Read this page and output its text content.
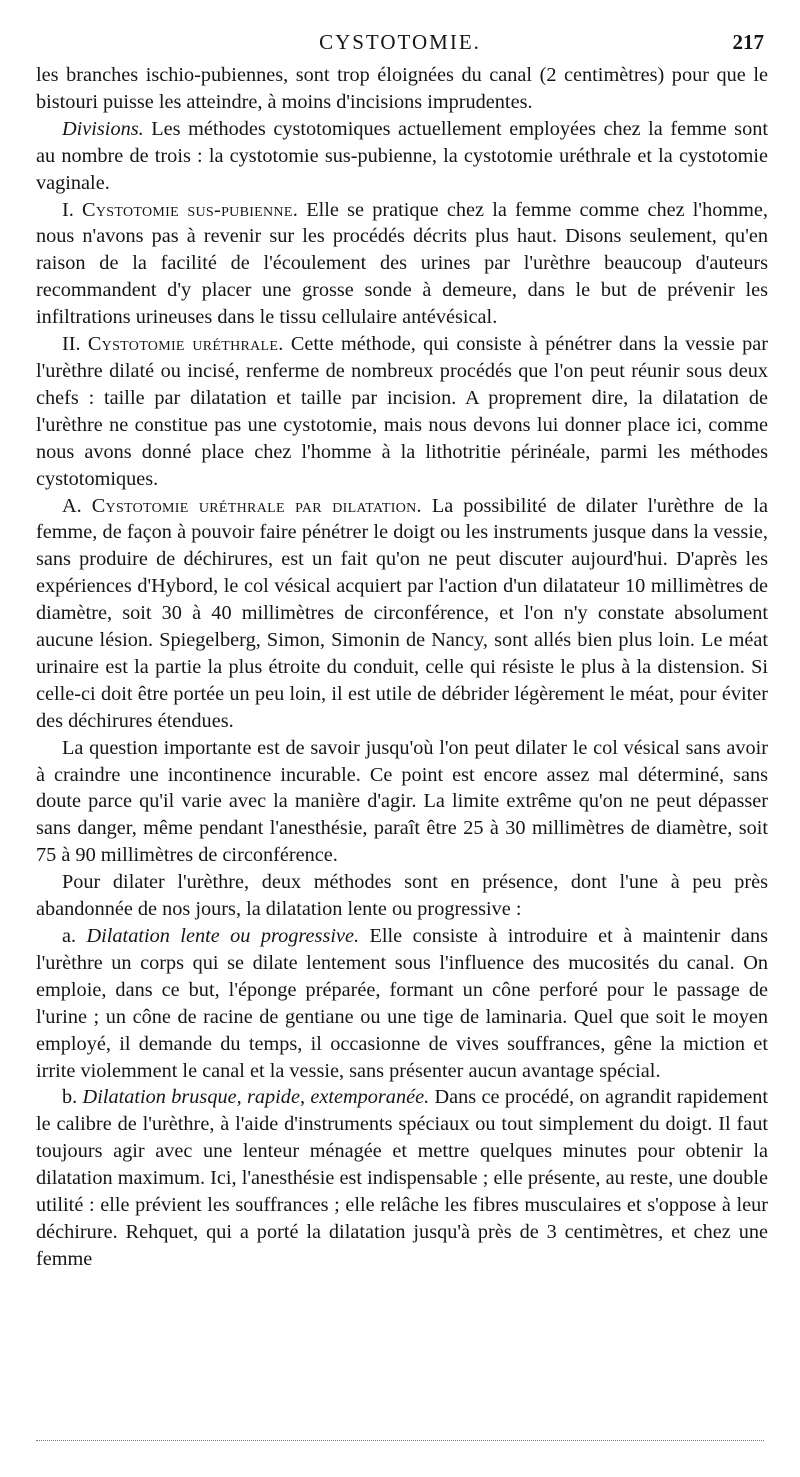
CYSTOTOMIE.	217

les branches ischio-pubiennes, sont trop éloignées du canal (2 centimètres) pour que le bistouri puisse les atteindre, à moins d'incisions imprudentes.

Divisions. Les méthodes cystotomiques actuellement employées chez la femme sont au nombre de trois : la cystotomie sus-pubienne, la cystotomie uréthrale et la cystotomie vaginale.

I. Cystotomie sus-pubienne. Elle se pratique chez la femme comme chez l'homme, nous n'avons pas à revenir sur les procédés décrits plus haut. Disons seulement, qu'en raison de la facilité de l'écoulement des urines par l'urèthre beaucoup d'auteurs recommandent d'y placer une grosse sonde à demeure, dans le but de prévenir les infiltrations urineuses dans le tissu cellulaire antévésical.

II. Cystotomie uréthrale. Cette méthode, qui consiste à pénétrer dans la vessie par l'urèthre dilaté ou incisé, renferme de nombreux procédés que l'on peut réunir sous deux chefs : taille par dilatation et taille par incision. A proprement dire, la dilatation de l'urèthre ne constitue pas une cystotomie, mais nous devons lui donner place ici, comme nous avons donné place chez l'homme à la lithotritie périnéale, parmi les méthodes cystotomiques.

A. Cystotomie uréthrale par dilatation. La possibilité de dilater l'urèthre de la femme, de façon à pouvoir faire pénétrer le doigt ou les instruments jusque dans la vessie, sans produire de déchirures, est un fait qu'on ne peut discuter aujourd'hui. D'après les expériences d'Hybord, le col vésical acquiert par l'action d'un dilatateur 10 millimètres de diamètre, soit 30 à 40 millimètres de circonférence, et l'on n'y constate absolument aucune lésion. Spiegelberg, Simon, Simonin de Nancy, sont allés bien plus loin. Le méat urinaire est la partie la plus étroite du conduit, celle qui résiste le plus à la distension. Si celle-ci doit être portée un peu loin, il est utile de débrider légèrement le méat, pour éviter des déchirures étendues.

La question importante est de savoir jusqu'où l'on peut dilater le col vésical sans avoir à craindre une incontinence incurable. Ce point est encore assez mal déterminé, sans doute parce qu'il varie avec la manière d'agir. La limite extrême qu'on ne peut dépasser sans danger, même pendant l'anesthésie, paraît être 25 à 30 millimètres de diamètre, soit 75 à 90 millimètres de circonférence.

Pour dilater l'urèthre, deux méthodes sont en présence, dont l'une à peu près abandonnée de nos jours, la dilatation lente ou progressive :

a. Dilatation lente ou progressive. Elle consiste à introduire et à maintenir dans l'urèthre un corps qui se dilate lentement sous l'influence des mucosités du canal. On emploie, dans ce but, l'éponge préparée, formant un cône perforé pour le passage de l'urine ; un cône de racine de gentiane ou une tige de laminaria. Quel que soit le moyen employé, il demande du temps, il occasionne de vives souffrances, gêne la miction et irrite violemment le canal et la vessie, sans présenter aucun avantage spécial.

b. Dilatation brusque, rapide, extemporanée. Dans ce procédé, on agrandit rapidement le calibre de l'urèthre, à l'aide d'instruments spéciaux ou tout simplement du doigt. Il faut toujours agir avec une lenteur ménagée et mettre quelques minutes pour obtenir la dilatation maximum. Ici, l'anesthésie est indispensable ; elle présente, au reste, une double utilité : elle prévient les souffrances ; elle relâche les fibres musculaires et s'oppose à leur déchirure. Rehquet, qui a porté la dilatation jusqu'à près de 3 centimètres, et chez une femme
